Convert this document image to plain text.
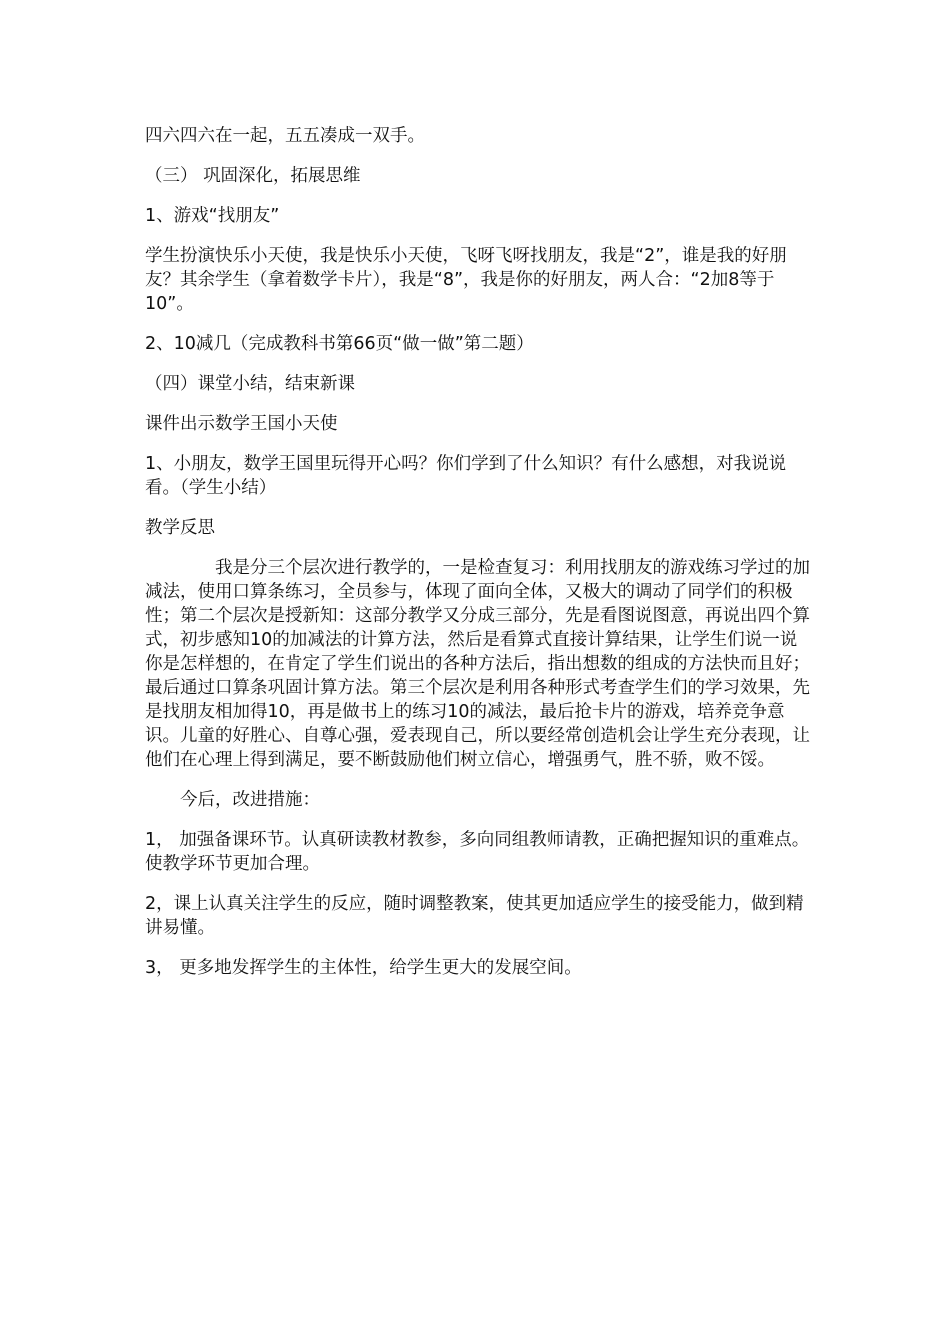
四六四六在一起，五五凑成一双手。

（三） 巩固深化，拓展思维

1、游戏“找朋友”

学生扮演快乐小天使，我是快乐小天使，飞呀飞呀找朋友，我是“2”，谁是我的好朋友？其余学生（拿着数学卡片），我是“8”，我是你的好朋友，两人合：“2加8等于10”。

2、10减几（完成教科书第66页“做一做”第二题）

（四）课堂小结，结束新课

课件出示数学王国小天使

1、小朋友，数学王国里玩得开心吗？你们学到了什么知识？有什么感想，对我说说看。（学生小结）

教学反思

我是分三个层次进行教学的，一是检查复习：利用找朋友的游戏练习学过的加减法，使用口算条练习，全员参与，体现了面向全体，又极大的调动了同学们的积极性；第二个层次是授新知：这部分教学又分成三部分，先是看图说图意，再说出四个算式，初步感知10的加减法的计算方法，然后是看算式直接计算结果，让学生们说一说你是怎样想的，在肯定了学生们说出的各种方法后，指出想数的组成的方法快而且好；最后通过口算条巩固计算方法。第三个层次是利用各种形式考查学生们的学习效果，先是找朋友相加得10，再是做书上的练习10的减法，最后抢卡片的游戏，培养竞争意识。儿童的好胜心、自尊心强，爱表现自己，所以要经常创造机会让学生充分表现，让他们在心理上得到满足，要不断鼓励他们树立信心，增强勇气，胜不骄，败不馁。

今后，改进措施：

1， 加强备课环节。认真研读教材教参，多向同组教师请教，正确把握知识的重难点。使教学环节更加合理。

2，课上认真关注学生的反应，随时调整教案，使其更加适应学生的接受能力，做到精讲易懂。

3， 更多地发挥学生的主体性，给学生更大的发展空间。
